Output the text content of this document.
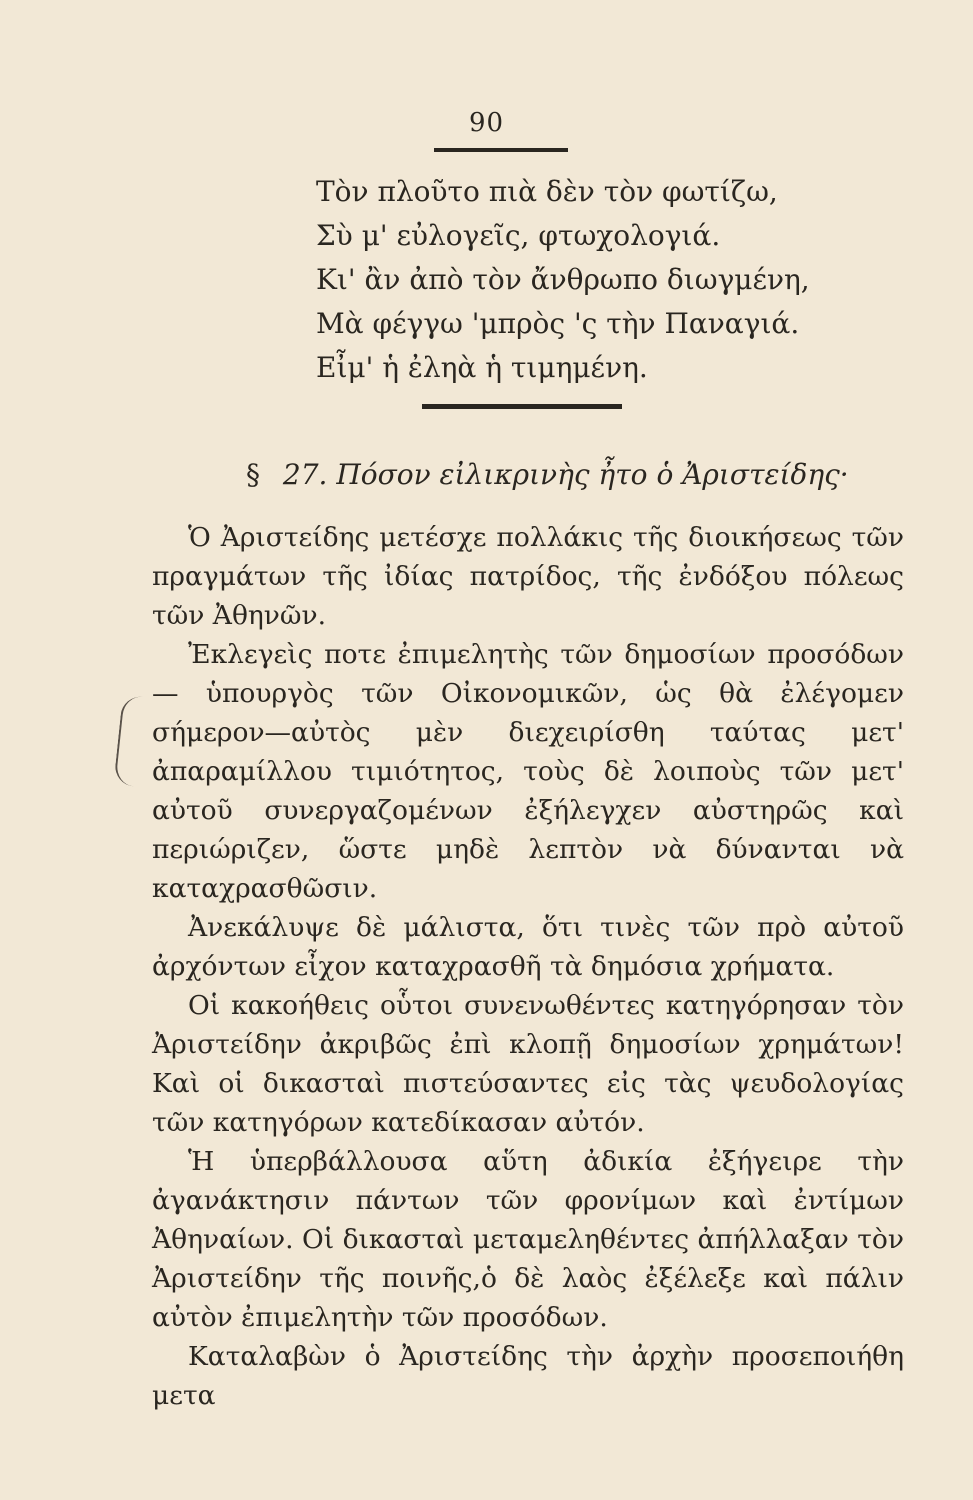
90
Τὸν πλοῦτο πιὰ δὲν τὸν φωτίζω,
Σὺ μ' εὐλογεῖς, φτωχολογιά.
Κι' ἂν ἀπὸ τὸν ἄνθρωπο διωγμένη,
Μὰ φέγγω 'μπρὸς 'ς τὴν Παναγιά.
Εἶμ' ἡ ἐληὰ ἡ τιμημένη.
§ 27. Πόσον εἰλικρινὴς ἦτο ὁ Ἀριστείδης·

Ὁ Ἀριστείδης μετέσχε πολλάκις τῆς διοικήσεως τῶν πραγμάτων τῆς ἰδίας πατρίδος, τῆς ἐνδόξου πόλεως τῶν Ἀθηνῶν.

Ἐκλεγεὶς ποτε ἐπιμελητὴς τῶν δημοσίων προσόδων— ὑπουργὸς τῶν Οἰκονομικῶν, ὡς θὰ ἐλέγομεν σήμερον—αὐτὸς μὲν διεχειρίσθη ταύτας μετ' ἀπαραμίλλου τιμιότητος, τοὺς δὲ λοιποὺς τῶν μετ' αὐτοῦ συνεργαζομένων ἐξήλεγχεν αὐστηρῶς καὶ περιώριζεν, ὥστε μηδὲ λεπτὸν νὰ δύνανται νὰ καταχρασθῶσιν.

Ἀνεκάλυψε δὲ μάλιστα, ὅτι τινὲς τῶν πρὸ αὐτοῦ ἀρχόντων εἶχον καταχρασθῆ τὰ δημόσια χρήματα.

Οἱ κακοήθεις οὗτοι συνενωθέντες κατηγόρησαν τὸν Ἀριστείδην ἀκριβῶς ἐπὶ κλοπῇ δημοσίων χρημάτων! Καὶ οἱ δικασταὶ πιστεύσαντες εἰς τὰς ψευδολογίας τῶν κατηγόρων κατεδίκασαν αὐτόν.

Ἡ ὑπερβάλλουσα αὕτη ἀδικία ἐξήγειρε τὴν ἀγανάκτησιν πάντων τῶν φρονίμων καὶ ἐντίμων Ἀθηναίων. Οἱ δικασταὶ μεταμεληθέντες ἀπήλλαξαν τὸν Ἀριστείδην τῆς ποινῆς,ὁ δὲ λαὸς ἐξέλεξε καὶ πάλιν αὐτὸν ἐπιμελητὴν τῶν προσόδων.

Καταλαβὼν ὁ Ἀριστείδης τὴν ἀρχὴν προσεποιήθη μετα
